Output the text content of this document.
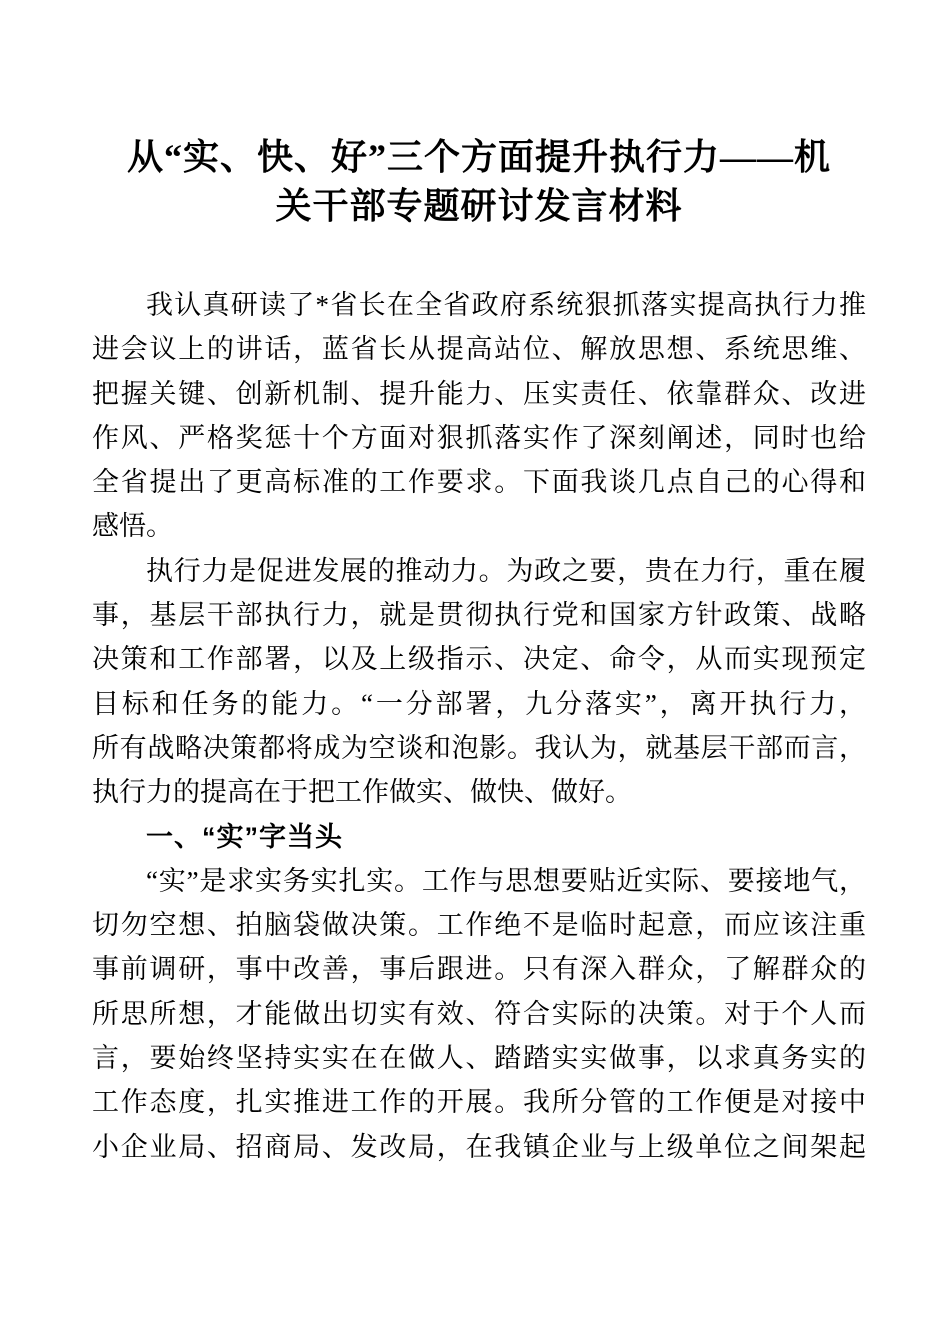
从“实、快、好”三个方面提升执行力——机
关干部专题研讨发言材料
我认真研读了*省长在全省政府系统狠抓落实提高执行力推
进会议上的讲话，蓝省长从提高站位、解放思想、系统思维、
把握关键、创新机制、提升能力、压实责任、依靠群众、改进
作风、严格奖惩十个方面对狠抓落实作了深刻阐述，同时也给
全省提出了更高标准的工作要求。下面我谈几点自己的心得和
感悟。
执行力是促进发展的推动力。为政之要，贵在力行，重在履
事，基层干部执行力，就是贯彻执行党和国家方针政策、战略
决策和工作部署，以及上级指示、决定、命令，从而实现预定
目标和任务的能力。“一分部署，九分落实”，离开执行力，
所有战略决策都将成为空谈和泡影。我认为，就基层干部而言，
执行力的提高在于把工作做实、做快、做好。
一、“实”字当头
“实”是求实务实扎实。工作与思想要贴近实际、要接地气，
切勿空想、拍脑袋做决策。工作绝不是临时起意，而应该注重
事前调研，事中改善，事后跟进。只有深入群众，了解群众的
所思所想，才能做出切实有效、符合实际的决策。对于个人而
言，要始终坚持实实在在做人、踏踏实实做事，以求真务实的
工作态度，扎实推进工作的开展。我所分管的工作便是对接中
小企业局、招商局、发改局，在我镇企业与上级单位之间架起
